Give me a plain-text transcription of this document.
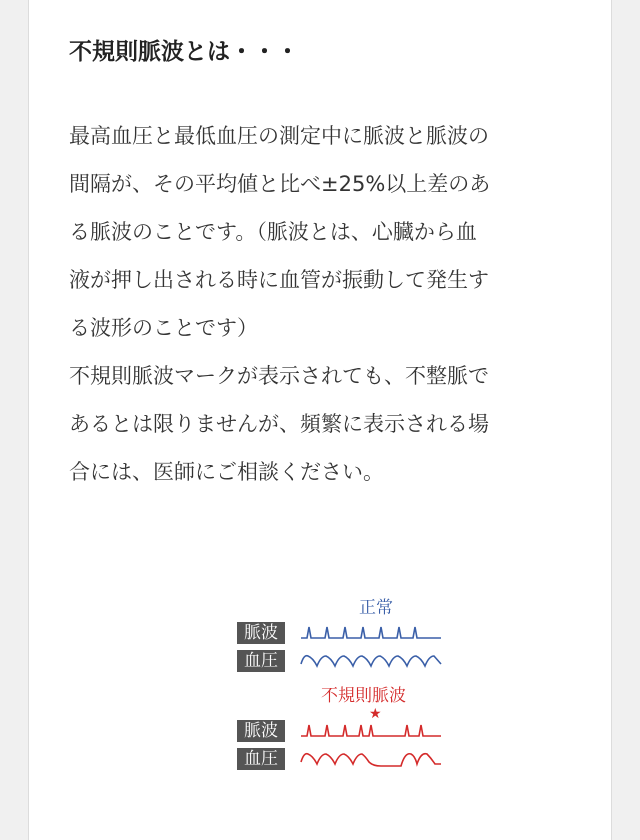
不規則脈波とは・・・
最高血圧と最低血圧の測定中に脈波と脈波の
間隔が、その平均値と比べ±25%以上差のあ
る脈波のことです。（脈波とは、心臓から血
液が押し出される時に血管が振動して発生す
る波形のことです）
不規則脈波マークが表示されても、不整脈で
あるとは限りませんが、頻繁に表示される場
合には、医師にご相談ください。
正常
脈波
血圧
不規則脈波
★
脈波
血圧
